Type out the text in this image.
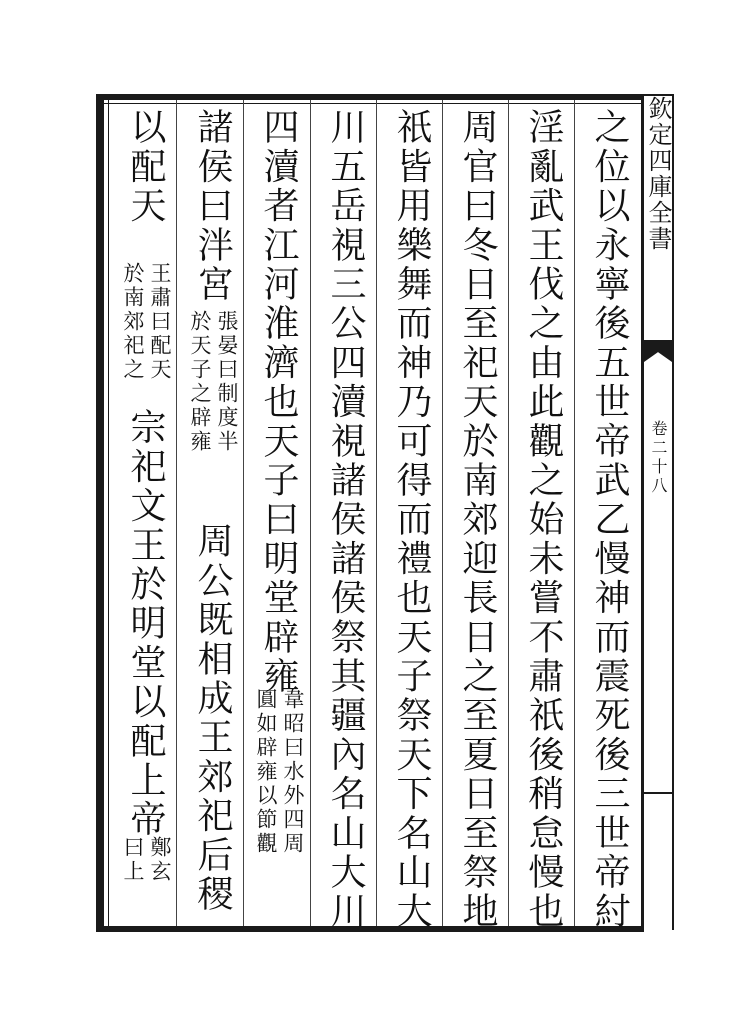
欽定四庫全書
卷二十八
之位以永寧後五世帝武乙慢神而震死後三世帝紂
淫亂武王伐之由此觀之始未嘗不肅祇後稍怠慢也
周官曰冬日至祀天於南郊迎長日之至夏日至祭地
祇皆用樂舞而神乃可得而禮也天子祭天下名山大
川五岳視三公四瀆視諸侯諸侯祭其疆內名山大川
四瀆者江河淮濟也天子曰明堂辟雍
韋昭曰水外四周
圓如辟雍以節觀
諸侯曰泮宮
張晏曰制度半
於天子之辟雍
周公既相成王郊祀后稷
以配天
王肅曰配天
於南郊祀之
宗祀文王於明堂以配上帝
鄭玄
曰上
